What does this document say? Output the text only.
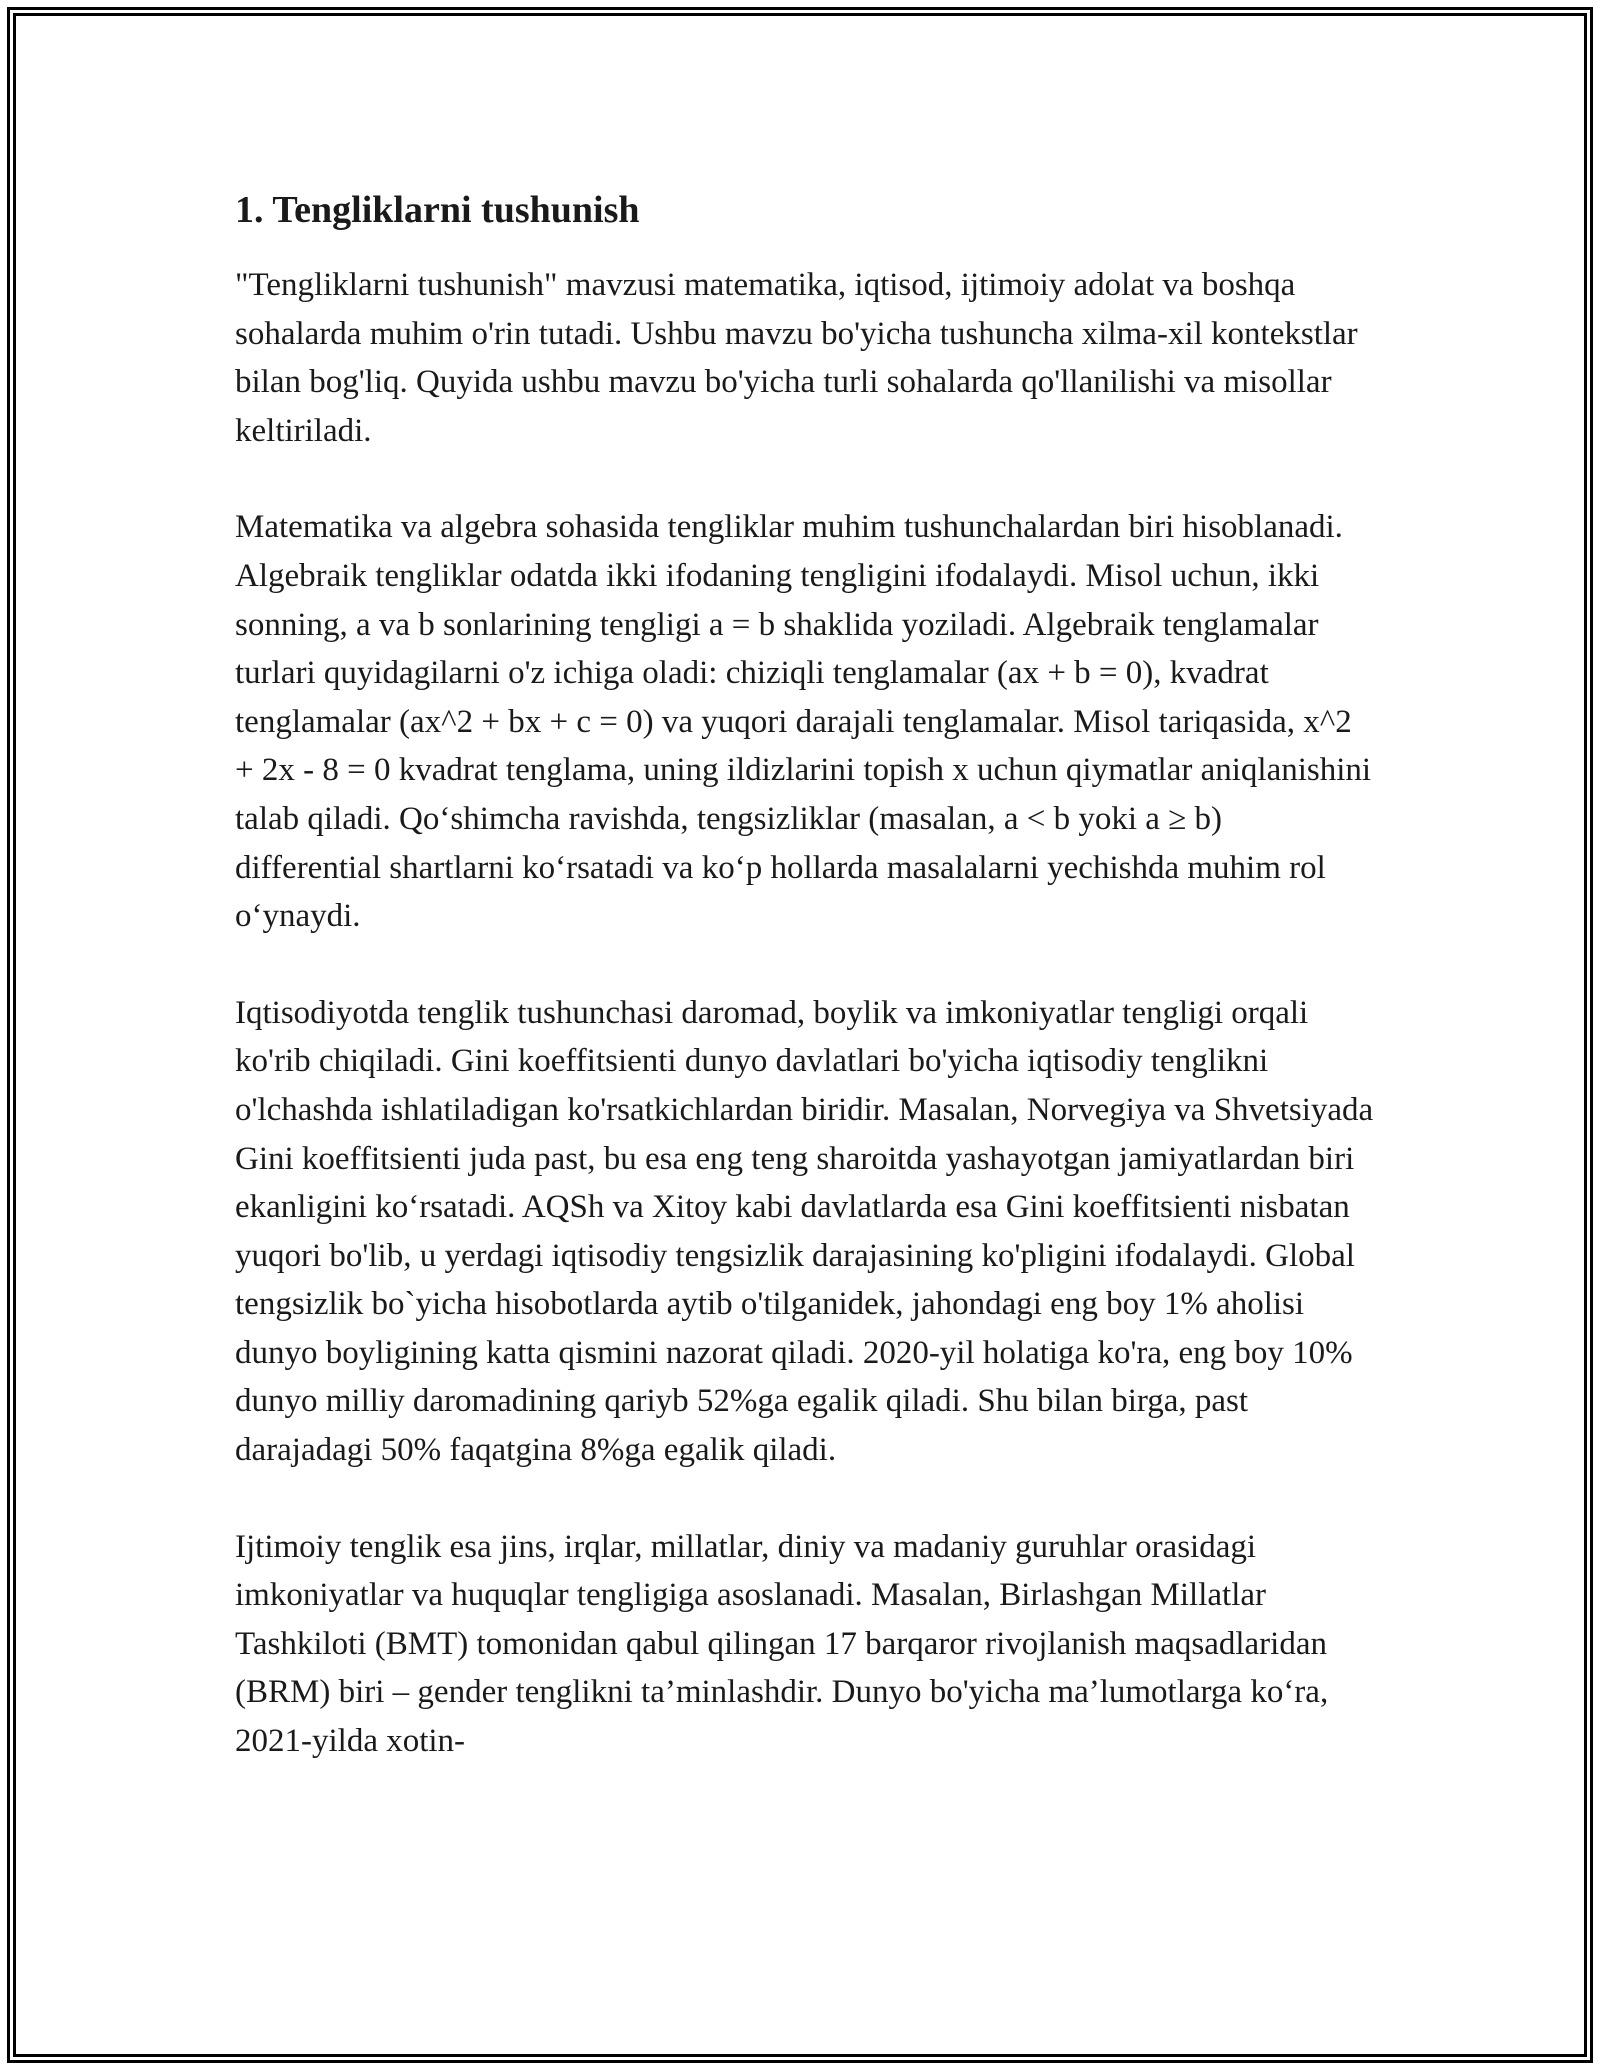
1. Tengliklarni tushunish

"Tengliklarni tushunish" mavzusi matematika, iqtisod, ijtimoiy adolat va boshqa sohalarda muhim o'rin tutadi. Ushbu mavzu bo'yicha tushuncha xilma-xil kontekstlar bilan bog'liq. Quyida ushbu mavzu bo'yicha turli sohalarda qo'llanilishi va misollar keltiriladi.

Matematika va algebra sohasida tengliklar muhim tushunchalardan biri hisoblanadi. Algebraik tengliklar odatda ikki ifodaning tengligini ifodalaydi. Misol uchun, ikki sonning, a va b sonlarining tengligi a = b shaklida yoziladi. Algebraik tenglamalar turlari quyidagilarni o'z ichiga oladi: chiziqli tenglamalar (ax + b = 0), kvadrat tenglamalar (ax^2 + bx + c = 0) va yuqori darajali tenglamalar. Misol tariqasida, x^2 + 2x - 8 = 0 kvadrat tenglama, uning ildizlarini topish x uchun qiymatlar aniqlanishini talab qiladi. Qo‘shimcha ravishda, tengsizliklar (masalan, a < b yoki a ≥ b) differential shartlarni ko‘rsatadi va ko‘p hollarda masalalarni yechishda muhim rol o‘ynaydi.

Iqtisodiyotda tenglik tushunchasi daromad, boylik va imkoniyatlar tengligi orqali ko'rib chiqiladi. Gini koeffitsienti dunyo davlatlari bo'yicha iqtisodiy tenglikni o'lchashda ishlatiladigan ko'rsatkichlardan biridir. Masalan, Norvegiya va Shvetsiyada Gini koeffitsienti juda past, bu esa eng teng sharoitda yashayotgan jamiyatlardan biri ekanligini ko‘rsatadi. AQSh va Xitoy kabi davlatlarda esa Gini koeffitsienti nisbatan yuqori bo'lib, u yerdagi iqtisodiy tengsizlik darajasining ko'pligini ifodalaydi. Global tengsizlik bo`yicha hisobotlarda aytib o'tilganidek, jahondagi eng boy 1% aholisi dunyo boyligining katta qismini nazorat qiladi. 2020-yil holatiga ko'ra, eng boy 10% dunyo milliy daromadining qariyb 52%ga egalik qiladi. Shu bilan birga, past darajadagi 50% faqatgina 8%ga egalik qiladi.

Ijtimoiy tenglik esa jins, irqlar, millatlar, diniy va madaniy guruhlar orasidagi imkoniyatlar va huquqlar tengligiga asoslanadi. Masalan, Birlashgan Millatlar Tashkiloti (BMT) tomonidan qabul qilingan 17 barqaror rivojlanish maqsadlaridan (BRM) biri – gender tenglikni ta’minlashdir. Dunyo bo'yicha ma’lumotlarga ko‘ra, 2021-yilda xotin-
